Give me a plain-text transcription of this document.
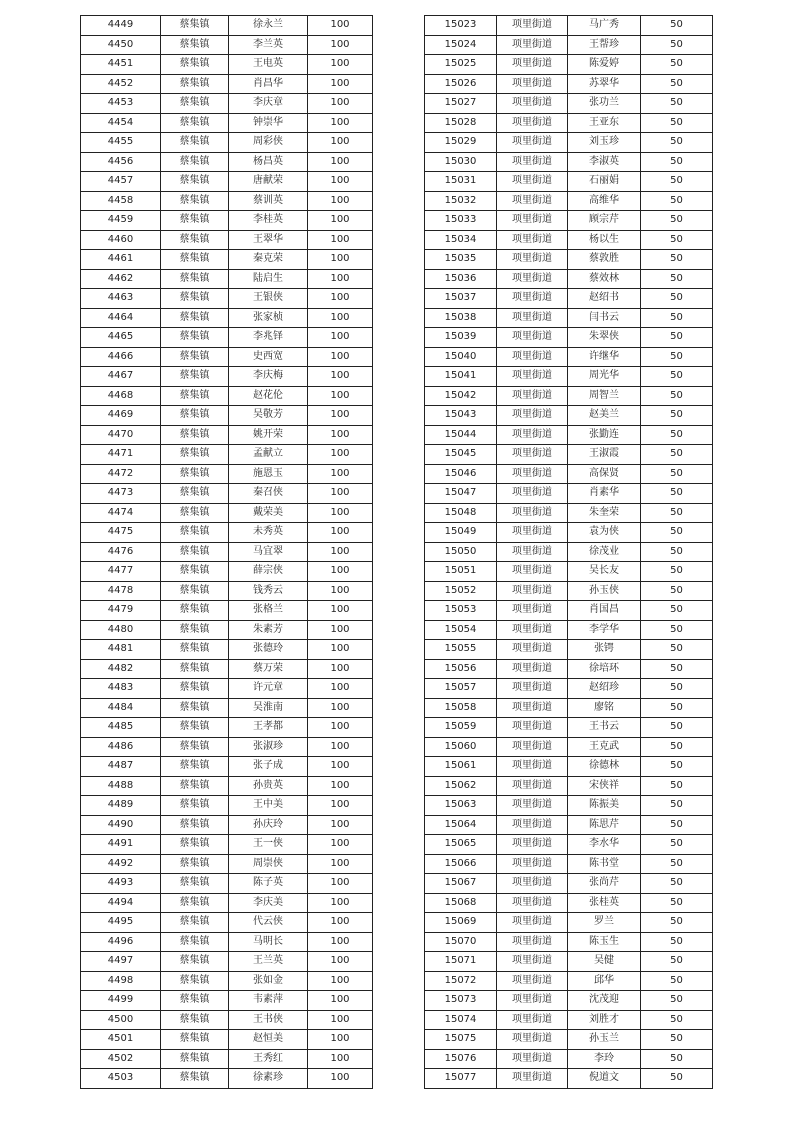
4449	蔡集镇	徐永兰	100
4450	蔡集镇	李兰英	100
4451	蔡集镇	王电英	100
4452	蔡集镇	肖昌华	100
4453	蔡集镇	李庆章	100
4454	蔡集镇	钟崇华	100
4455	蔡集镇	周彩侠	100
4456	蔡集镇	杨昌英	100
4457	蔡集镇	唐献荣	100
4458	蔡集镇	蔡训英	100
4459	蔡集镇	李桂英	100
4460	蔡集镇	王翠华	100
4461	蔡集镇	秦克荣	100
4462	蔡集镇	陆启生	100
4463	蔡集镇	王银侠	100
4464	蔡集镇	张家桢	100
4465	蔡集镇	李兆铎	100
4466	蔡集镇	史西宽	100
4467	蔡集镇	李庆梅	100
4468	蔡集镇	赵花伦	100
4469	蔡集镇	吴敬芳	100
4470	蔡集镇	姚开荣	100
4471	蔡集镇	孟献立	100
4472	蔡集镇	施恩玉	100
4473	蔡集镇	秦召侠	100
4474	蔡集镇	戴荣美	100
4475	蔡集镇	未秀英	100
4476	蔡集镇	马宜翠	100
4477	蔡集镇	薛宗侠	100
4478	蔡集镇	钱秀云	100
4479	蔡集镇	张格兰	100
4480	蔡集镇	朱素芳	100
4481	蔡集镇	张德玲	100
4482	蔡集镇	蔡万荣	100
4483	蔡集镇	许元章	100
4484	蔡集镇	吴淮南	100
4485	蔡集镇	王孝都	100
4486	蔡集镇	张淑珍	100
4487	蔡集镇	张子成	100
4488	蔡集镇	孙贵英	100
4489	蔡集镇	王中美	100
4490	蔡集镇	孙庆玲	100
4491	蔡集镇	王一侠	100
4492	蔡集镇	周崇侠	100
4493	蔡集镇	陈子英	100
4494	蔡集镇	李庆美	100
4495	蔡集镇	代云侠	100
4496	蔡集镇	马明长	100
4497	蔡集镇	王兰英	100
4498	蔡集镇	张如金	100
4499	蔡集镇	韦素萍	100
4500	蔡集镇	王书侠	100
4501	蔡集镇	赵恒美	100
4502	蔡集镇	王秀红	100
4503	蔡集镇	徐素珍	100
15023	项里街道	马广秀	50
15024	项里街道	王帮珍	50
15025	项里街道	陈爱婷	50
15026	项里街道	苏翠华	50
15027	项里街道	张功兰	50
15028	项里街道	王亚东	50
15029	项里街道	刘玉珍	50
15030	项里街道	李淑英	50
15031	项里街道	石丽娟	50
15032	项里街道	高维华	50
15033	项里街道	顾宗芹	50
15034	项里街道	杨以生	50
15035	项里街道	蔡敦胜	50
15036	项里街道	蔡效林	50
15037	项里街道	赵绍书	50
15038	项里街道	闫书云	50
15039	项里街道	朱翠侠	50
15040	项里街道	许继华	50
15041	项里街道	周光华	50
15042	项里街道	周智兰	50
15043	项里街道	赵美兰	50
15044	项里街道	张勤连	50
15045	项里街道	王淑霞	50
15046	项里街道	高保贤	50
15047	项里街道	肖素华	50
15048	项里街道	朱奎荣	50
15049	项里街道	袁为侠	50
15050	项里街道	徐茂业	50
15051	项里街道	吴长友	50
15052	项里街道	孙玉侠	50
15053	项里街道	肖国昌	50
15054	项里街道	李学华	50
15055	项里街道	张锷	50
15056	项里街道	徐培环	50
15057	项里街道	赵绍珍	50
15058	项里街道	廖铭	50
15059	项里街道	王书云	50
15060	项里街道	王克武	50
15061	项里街道	徐德林	50
15062	项里街道	宋侠祥	50
15063	项里街道	陈振美	50
15064	项里街道	陈思芹	50
15065	项里街道	李水华	50
15066	项里街道	陈书堂	50
15067	项里街道	张尚芹	50
15068	项里街道	张桂英	50
15069	项里街道	罗兰	50
15070	项里街道	陈玉生	50
15071	项里街道	吴健	50
15072	项里街道	邱华	50
15073	项里街道	沈茂迎	50
15074	项里街道	刘胜才	50
15075	项里街道	孙玉兰	50
15076	项里街道	李玲	50
15077	项里街道	倪道文	50
